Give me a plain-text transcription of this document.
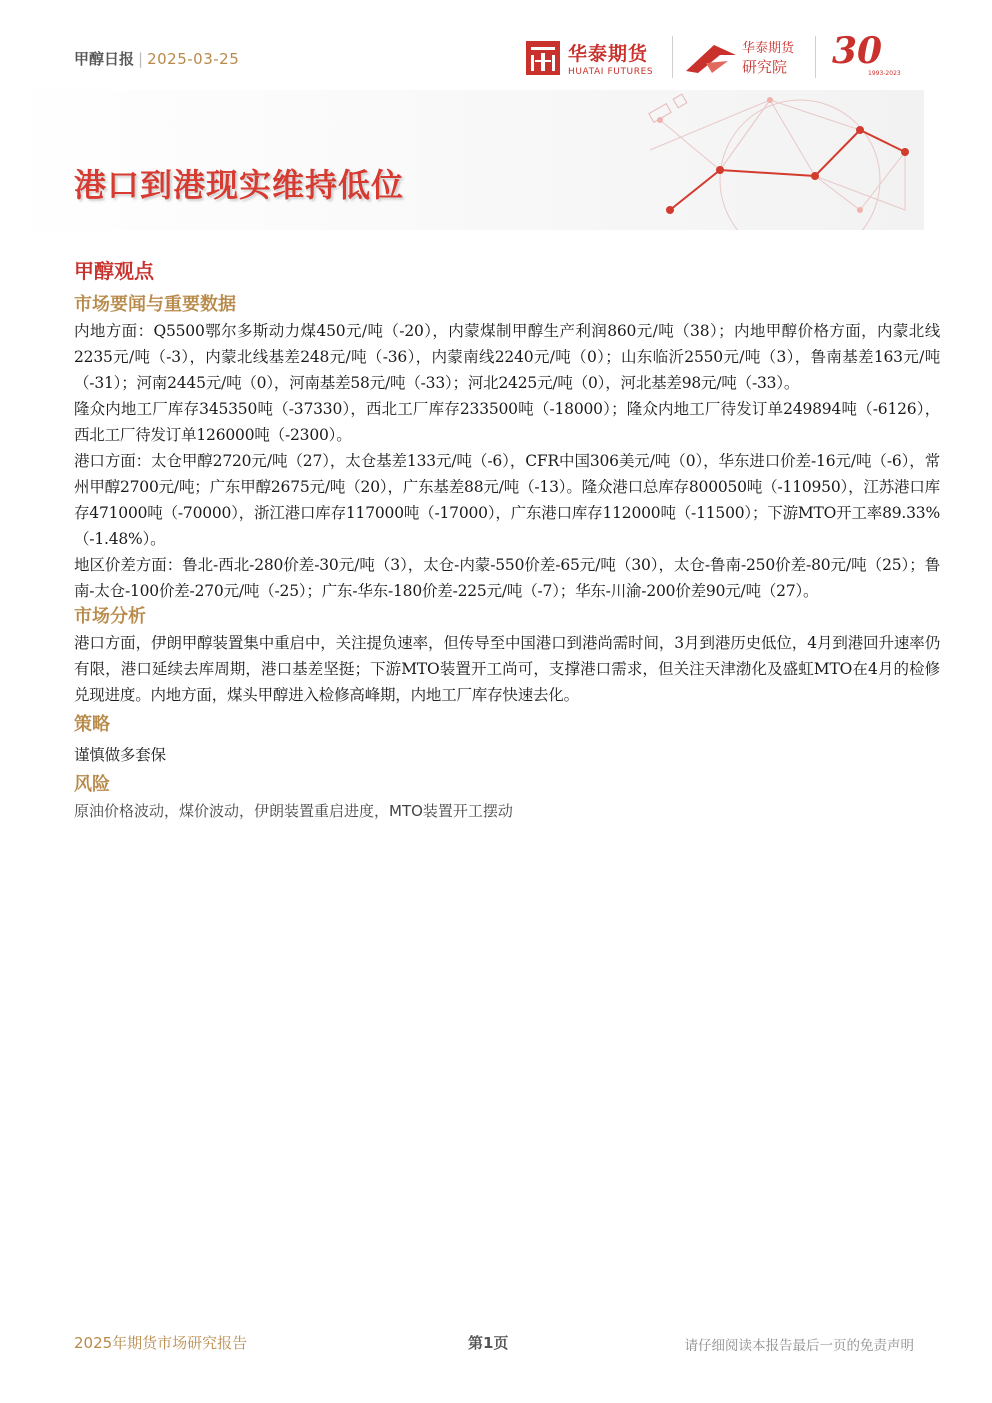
甲醇日报 | 2025-03-25	华泰期货
HUATAI FUTURES
华泰期货
研究院 30
1993-2023
港口到港现实维持低位
甲醇观点
市场要闻与重要数据

内地方面：Q5500鄂尔多斯动力煤450元/吨（-20），内蒙煤制甲醇生产利润860元/吨（38）；内地甲醇价格方面，内蒙北线2235元/吨（-3），内蒙北线基差248元/吨（-36），内蒙南线2240元/吨（0）；山东临沂2550元/吨（3），鲁南基差163元/吨（-31）；河南2445元/吨（0），河南基差58元/吨（-33）；河北2425元/吨（0），河北基差98元/吨（-33）。

隆众内地工厂库存345350吨（-37330），西北工厂库存233500吨（-18000）；隆众内地工厂待发订单249894吨（-6126），西北工厂待发订单126000吨（-2300）。

港口方面：太仓甲醇2720元/吨（27），太仓基差133元/吨（-6），CFR中国306美元/吨（0），华东进口价差-16元/吨（-6），常州甲醇2700元/吨；广东甲醇2675元/吨（20），广东基差88元/吨（-13）。隆众港口总库存800050吨（-110950），江苏港口库存471000吨（-70000），浙江港口库存117000吨（-17000），广东港口库存112000吨（-11500）；下游MTO开工率89.33%（-1.48%）。

地区价差方面：鲁北-西北-280价差-30元/吨（3），太仓-内蒙-550价差-65元/吨（30），太仓-鲁南-250价差-80元/吨（25）；鲁南-太仓-100价差-270元/吨（-25）；广东-华东-180价差-225元/吨（-7）；华东-川渝-200价差90元/吨（27）。

市场分析

港口方面，伊朗甲醇装置集中重启中，关注提负速率，但传导至中国港口到港尚需时间，3月到港历史低位，4月到港回升速率仍有限，港口延续去库周期，港口基差坚挺；下游MTO装置开工尚可，支撑港口需求，但关注天津渤化及盛虹MTO在4月的检修兑现进度。内地方面，煤头甲醇进入检修高峰期，内地工厂库存快速去化。

策略

谨慎做多套保

风险
原油价格波动，煤价波动，伊朗装置重启进度，MTO装置开工摆动
2025年期货市场研究报告	第1页	请仔细阅读本报告最后一页的免责声明
